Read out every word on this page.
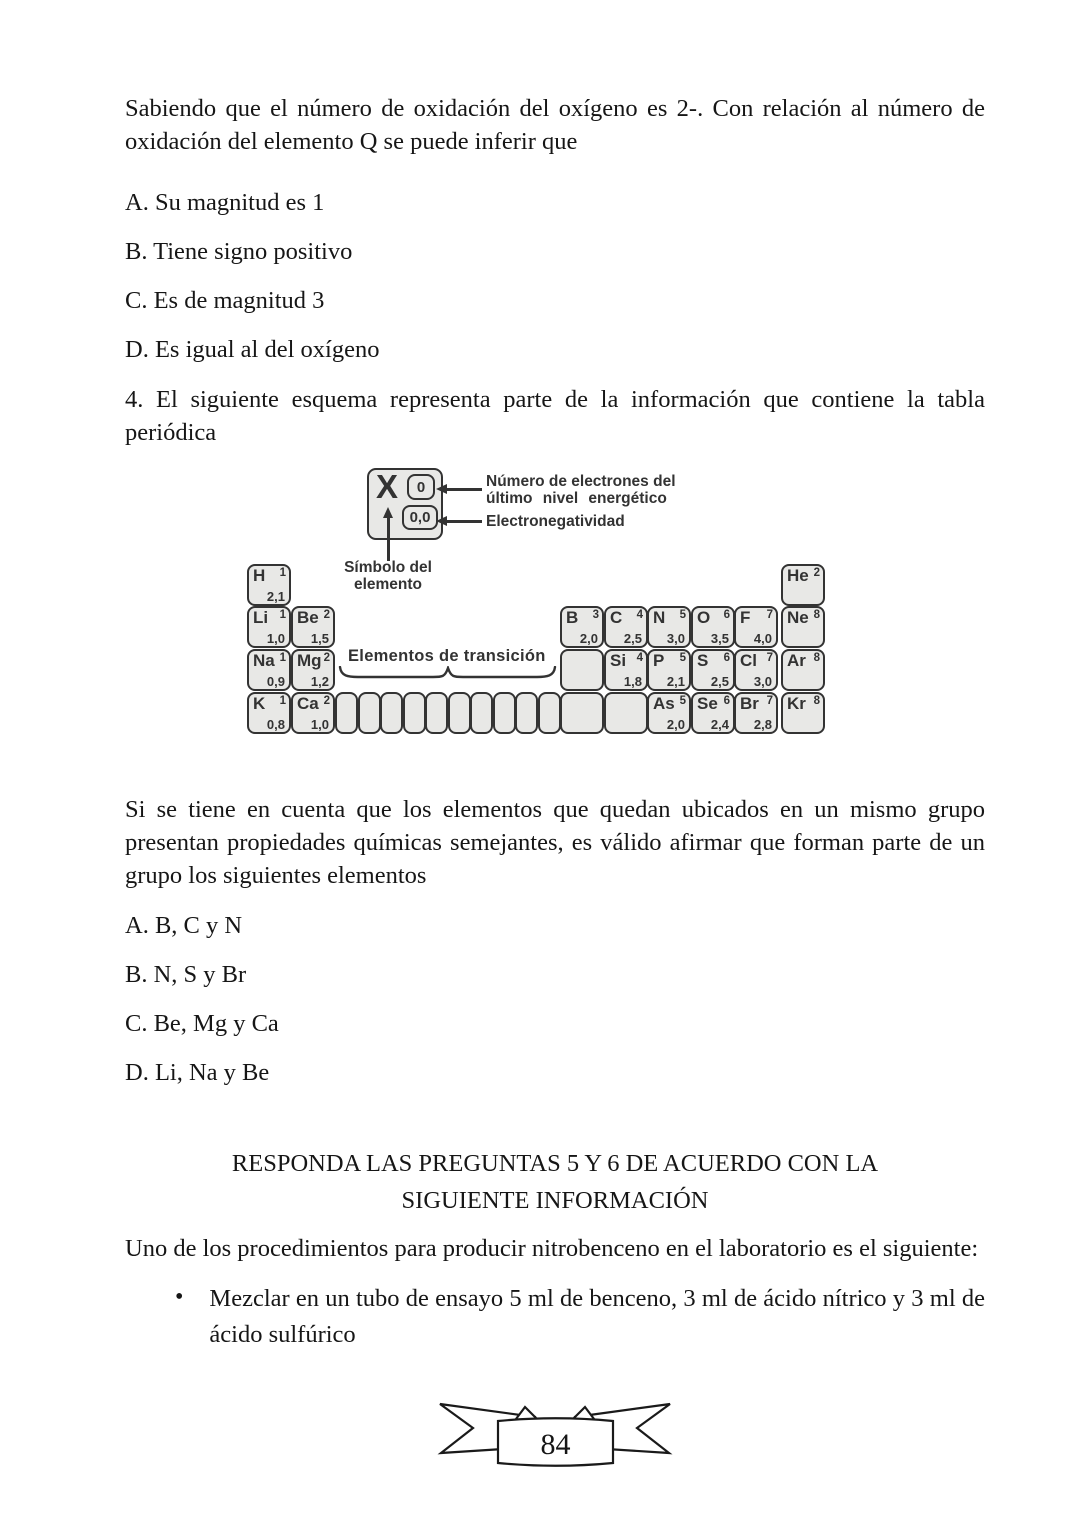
Sabiendo que el número de oxidación del oxígeno es 2-. Con relación al número de oxidación del elemento Q se puede inferir que

A. Su magnitud es 1

B. Tiene signo positivo

C. Es de magnitud 3

D. Es igual al del oxígeno

4. El siguiente esquema representa parte de la información que contiene la tabla periódica

X	0
0,0
Número de electrones del
último nivel energético
Electronegatividad
Símbolo del
elemento
Elementos de transición
H 1
2,1
He 2
Li 1
1,0
Be 2
1,5
B 3
2,0
C 4
2,5
N 5
3,0
O 6
3,5
F 7
4,0
Ne 8
Na 1
0,9
Mg 2
1,2
Si 4
1,8
P 5
2,1
S 6
2,5
Cl 7
3,0
Ar 8
K 1
0,8
Ca 2
1,0
As 5
2,0
Se 6
2,4
Br 7
2,8
Kr 8

Si se tiene en cuenta que los elementos que quedan ubicados en un mismo grupo presentan propiedades químicas semejantes, es válido afirmar que forman parte de un grupo los siguientes elementos

A. B, C y N

B. N, S y Br

C. Be, Mg y Ca

D. Li, Na y Be

RESPONDA LAS PREGUNTAS 5 Y 6 DE ACUERDO CON LA
SIGUIENTE INFORMACIÓN

Uno de los procedimientos para producir nitrobenceno en el laboratorio es el siguiente:

• Mezclar en un tubo de ensayo 5 ml de benceno, 3 ml de ácido nítrico y 3 ml de ácido sulfúrico

84
